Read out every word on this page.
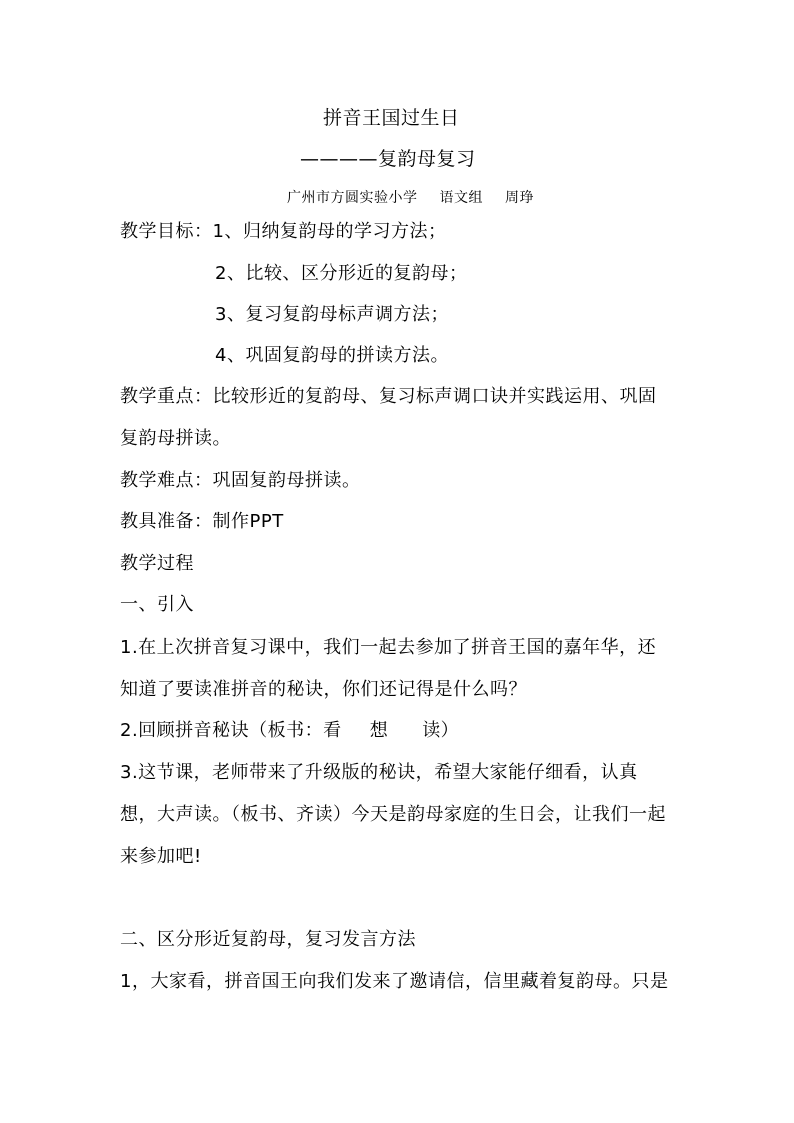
拼音王国过生日
————复韵母复习
广州市方圆实验小学 语文组 周琤
教学目标：1、归纳复韵母的学习方法；
2、比较、区分形近的复韵母；
3、复习复韵母标声调方法；
4、巩固复韵母的拼读方法。
教学重点：比较形近的复韵母、复习标声调口诀并实践运用、巩固
复韵母拼读。
教学难点：巩固复韵母拼读。
教具准备：制作PPT
教学过程
一、引入
1.在上次拼音复习课中，我们一起去参加了拼音王国的嘉年华，还
知道了要读准拼音的秘诀，你们还记得是什么吗？
2.回顾拼音秘诀（板书：看 想 读）
3.这节课，老师带来了升级版的秘诀，希望大家能仔细看，认真
想，大声读。（板书、齐读）今天是韵母家庭的生日会，让我们一起
来参加吧!
二、区分形近复韵母，复习发言方法
1，大家看，拼音国王向我们发来了邀请信，信里藏着复韵母。只是
